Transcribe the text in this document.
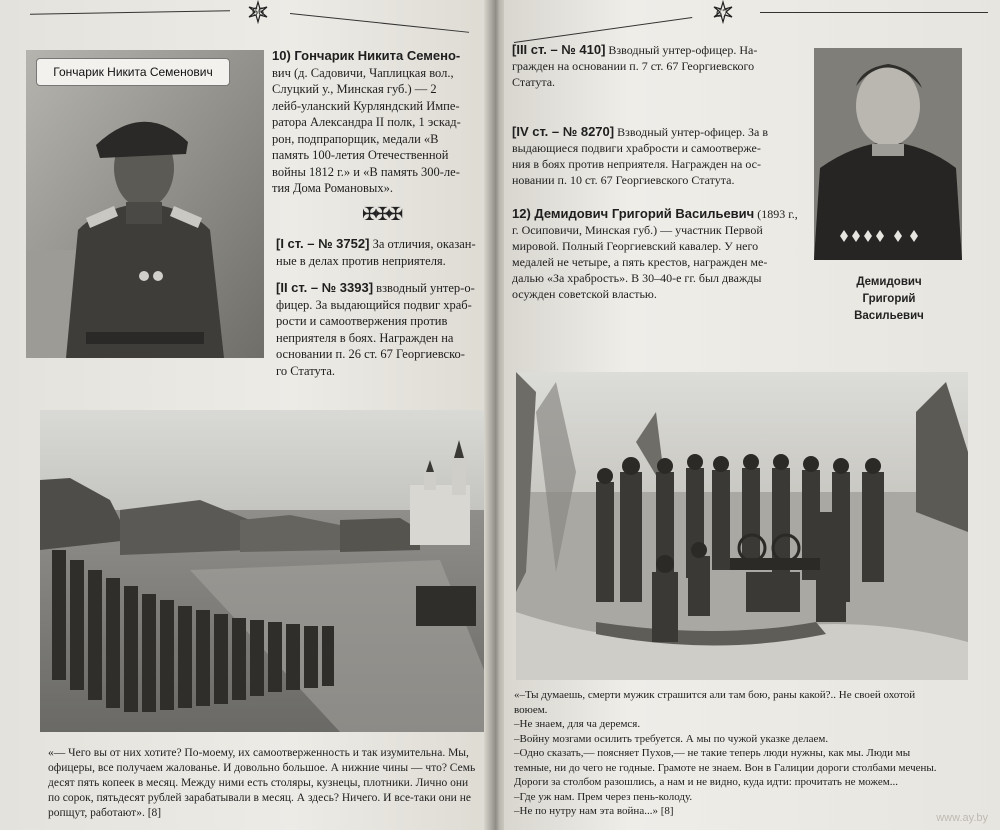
66
Гончарик Никита Семенович
10) Гончарик Никита Семено-
вич (д. Садовичи, Чаплицкая вол.,
Слуцкий у., Минская губ.) — 2
лейб-уланский Курляндский Импе-
ратора Александра II полк, 1 эскад-
рон, подпрапорщик, медали «В
память 100-летия Отечественной
войны 1812 г.» и «В память 300-ле-
тия Дома Романовых».
✠✠✠
[I ст. – № 3752] За отличия, оказан-
ные в делах против неприятеля.
[II ст. – № 3393] взводный унтер-о-
фицер. За выдающийся подвиг храб-
рости и самоотвержения против
неприятеля в боях. Награжден на
основании п. 26 ст. 67 Георгиевско-
го Статута.
«— Чего вы от них хотите? По-моему, их самоотверженность и так изумительна. Мы,
офицеры, все получаем жалованье. И довольно большое. А нижние чины — что? Семь
десят пять копеек в месяц. Между ними есть столяры, кузнецы, плотники. Лично они
по сорок, пятьдесят рублей зарабатывали в месяц. А здесь? Ничего. И все-таки они не
ропщут, работают». [8]
67
[III ст. – № 410] Взводный унтер-офицер. На-
гражден на основании п. 7 ст. 67 Георгиевского
Статута.
[IV ст. – № 8270] Взводный унтер-офицер. За в
выдающиеся подвиги храбрости и самоотверже-
ния в боях против неприятеля. Награжден на ос-
новании п. 10 ст. 67 Георгиевского Статута.
12) Демидович Григорий Васильевич (1893 г.,
г. Осиповичи, Минская губ.) — участник Первой
мировой. Полный Георгиевский кавалер. У него
медалей не четыре, а пять крестов, награжден ме-
далью «За храбрость». В 30–40-е гг. был дважды
осужден советской властью.
Демидович
Григорий
Васильевич
«–Ты думаешь, смерти мужик страшится али там бою, раны какой?.. Не своей охотой
воюем.
–Не знаем, для ча деремся.
–Войну мозгами осилить требуется. А мы по чужой указке делаем.
–Одно сказать,— поясняет Пухов,— не такие теперь люди нужны, как мы. Люди мы
темные, ни до чего не годные. Грамоте не знаем. Вон в Галиции дороги столбами мечены.
Дороги за столбом разошлись, а нам и не видно, куда идти: прочитать не можем...
–Где уж нам. Прем через пень-колоду.
–Не по нутру нам эта война...» [8]
www.ay.by
